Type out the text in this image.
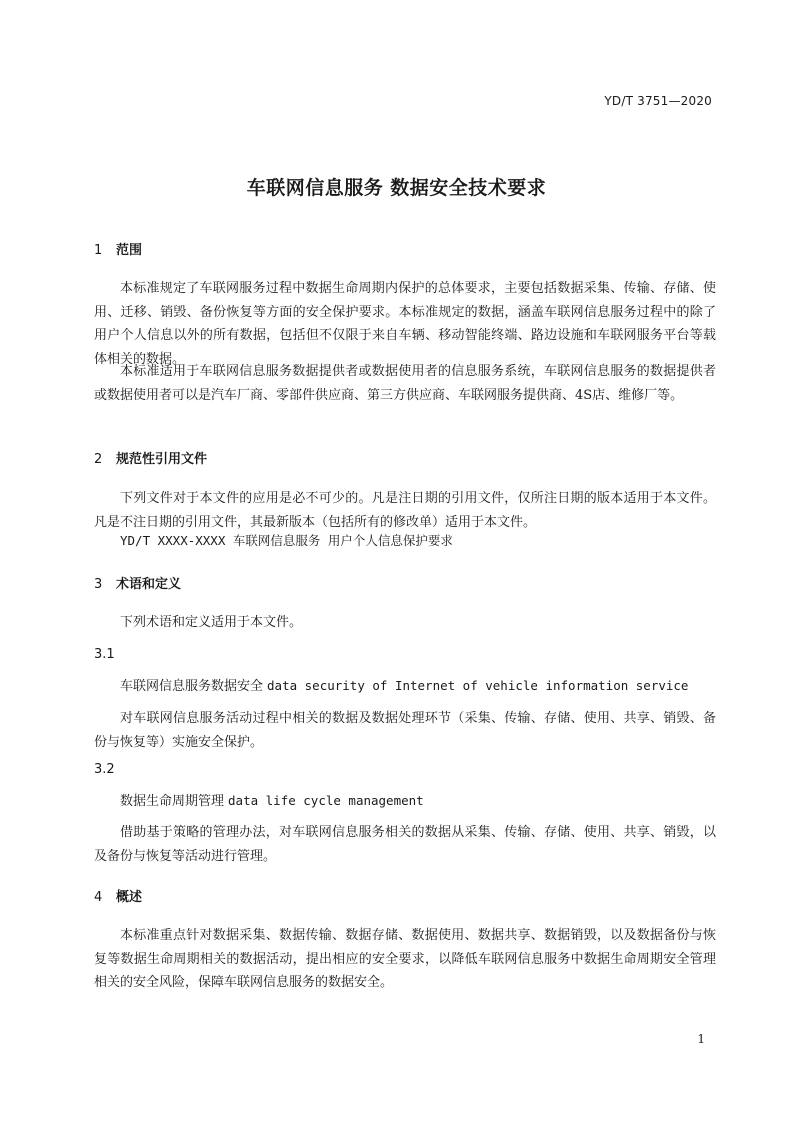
YD/T 3751—2020
车联网信息服务 数据安全技术要求
1 范围
本标准规定了车联网服务过程中数据生命周期内保护的总体要求，主要包括数据采集、传输、存储、使用、迁移、销毁、备份恢复等方面的安全保护要求。本标准规定的数据，涵盖车联网信息服务过程中的除了用户个人信息以外的所有数据，包括但不仅限于来自车辆、移动智能终端、路边设施和车联网服务平台等载体相关的数据。
本标准适用于车联网信息服务数据提供者或数据使用者的信息服务系统，车联网信息服务的数据提供者或数据使用者可以是汽车厂商、零部件供应商、第三方供应商、车联网服务提供商、4S店、维修厂等。
2 规范性引用文件
下列文件对于本文件的应用是必不可少的。凡是注日期的引用文件，仅所注日期的版本适用于本文件。凡是不注日期的引用文件，其最新版本（包括所有的修改单）适用于本文件。
YD/T XXXX-XXXX 车联网信息服务 用户个人信息保护要求
3 术语和定义
下列术语和定义适用于本文件。
3.1
车联网信息服务数据安全 data security of Internet of vehicle information service
对车联网信息服务活动过程中相关的数据及数据处理环节（采集、传输、存储、使用、共享、销毁、备份与恢复等）实施安全保护。
3.2
数据生命周期管理 data life cycle management
借助基于策略的管理办法，对车联网信息服务相关的数据从采集、传输、存储、使用、共享、销毁，以及备份与恢复等活动进行管理。
4 概述
本标准重点针对数据采集、数据传输、数据存储、数据使用、数据共享、数据销毁，以及数据备份与恢复等数据生命周期相关的数据活动，提出相应的安全要求，以降低车联网信息服务中数据生命周期安全管理相关的安全风险，保障车联网信息服务的数据安全。
1
